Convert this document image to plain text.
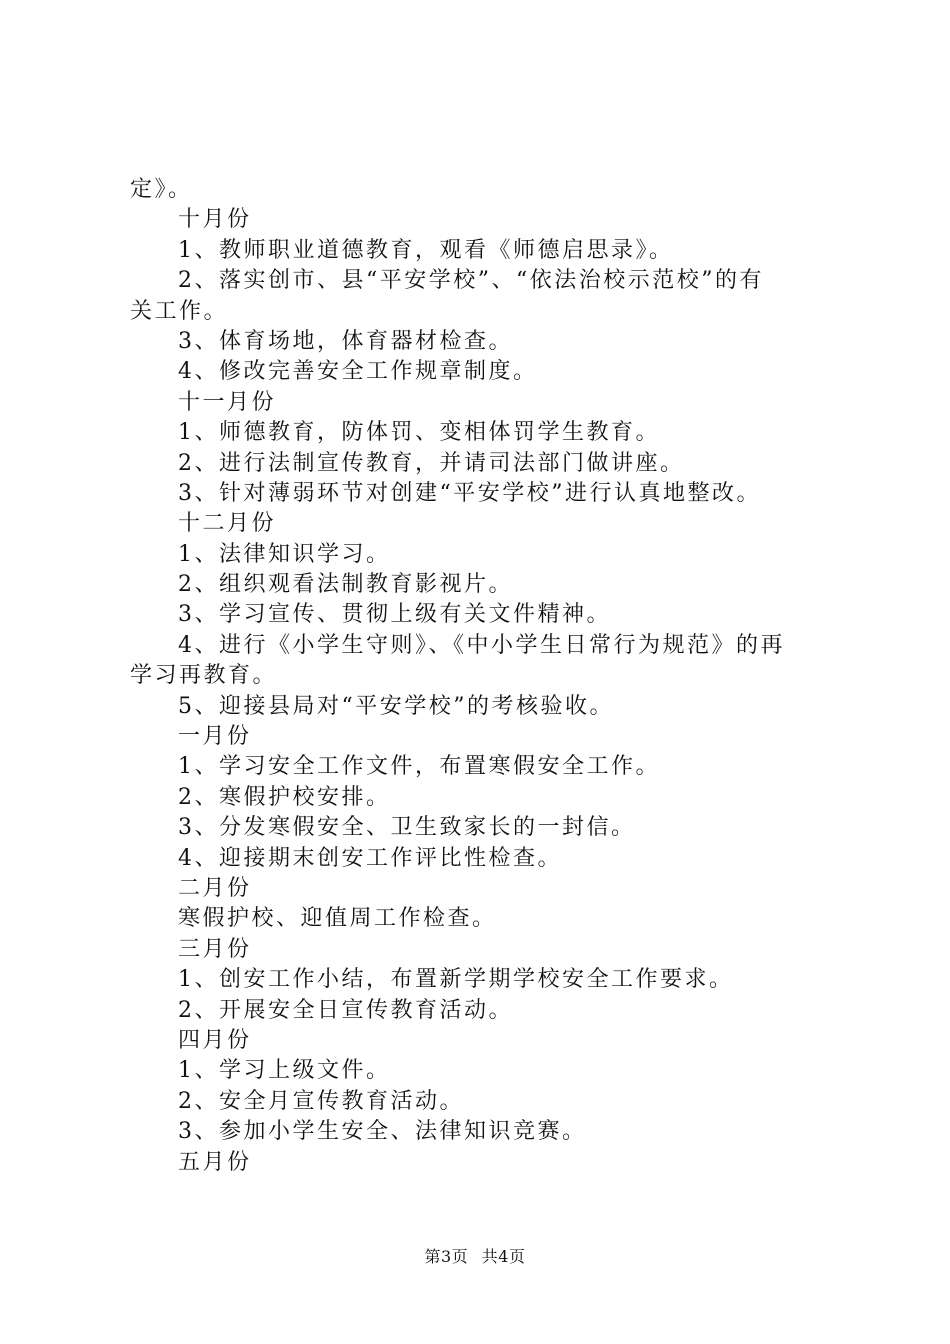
定》。
十月份
1、教师职业道德教育，观看《师德启思录》。
2、落实创市、县“平安学校”、“依法治校示范校”的有
关工作。
3、体育场地，体育器材检查。
4、修改完善安全工作规章制度。
十一月份
1、师德教育，防体罚、变相体罚学生教育。
2、进行法制宣传教育，并请司法部门做讲座。
3、针对薄弱环节对创建“平安学校”进行认真地整改。
十二月份
1、法律知识学习。
2、组织观看法制教育影视片。
3、学习宣传、贯彻上级有关文件精神。
4、进行《小学生守则》、《中小学生日常行为规范》的再
学习再教育。
5、迎接县局对“平安学校”的考核验收。
一月份
1、学习安全工作文件，布置寒假安全工作。
2、寒假护校安排。
3、分发寒假安全、卫生致家长的一封信。
4、迎接期末创安工作评比性检查。
二月份
寒假护校、迎值周工作检查。
三月份
1、创安工作小结，布置新学期学校安全工作要求。
2、开展安全日宣传教育活动。
四月份
1、学习上级文件。
2、安全月宣传教育活动。
3、参加小学生安全、法律知识竞赛。
五月份
第3页 共4页
